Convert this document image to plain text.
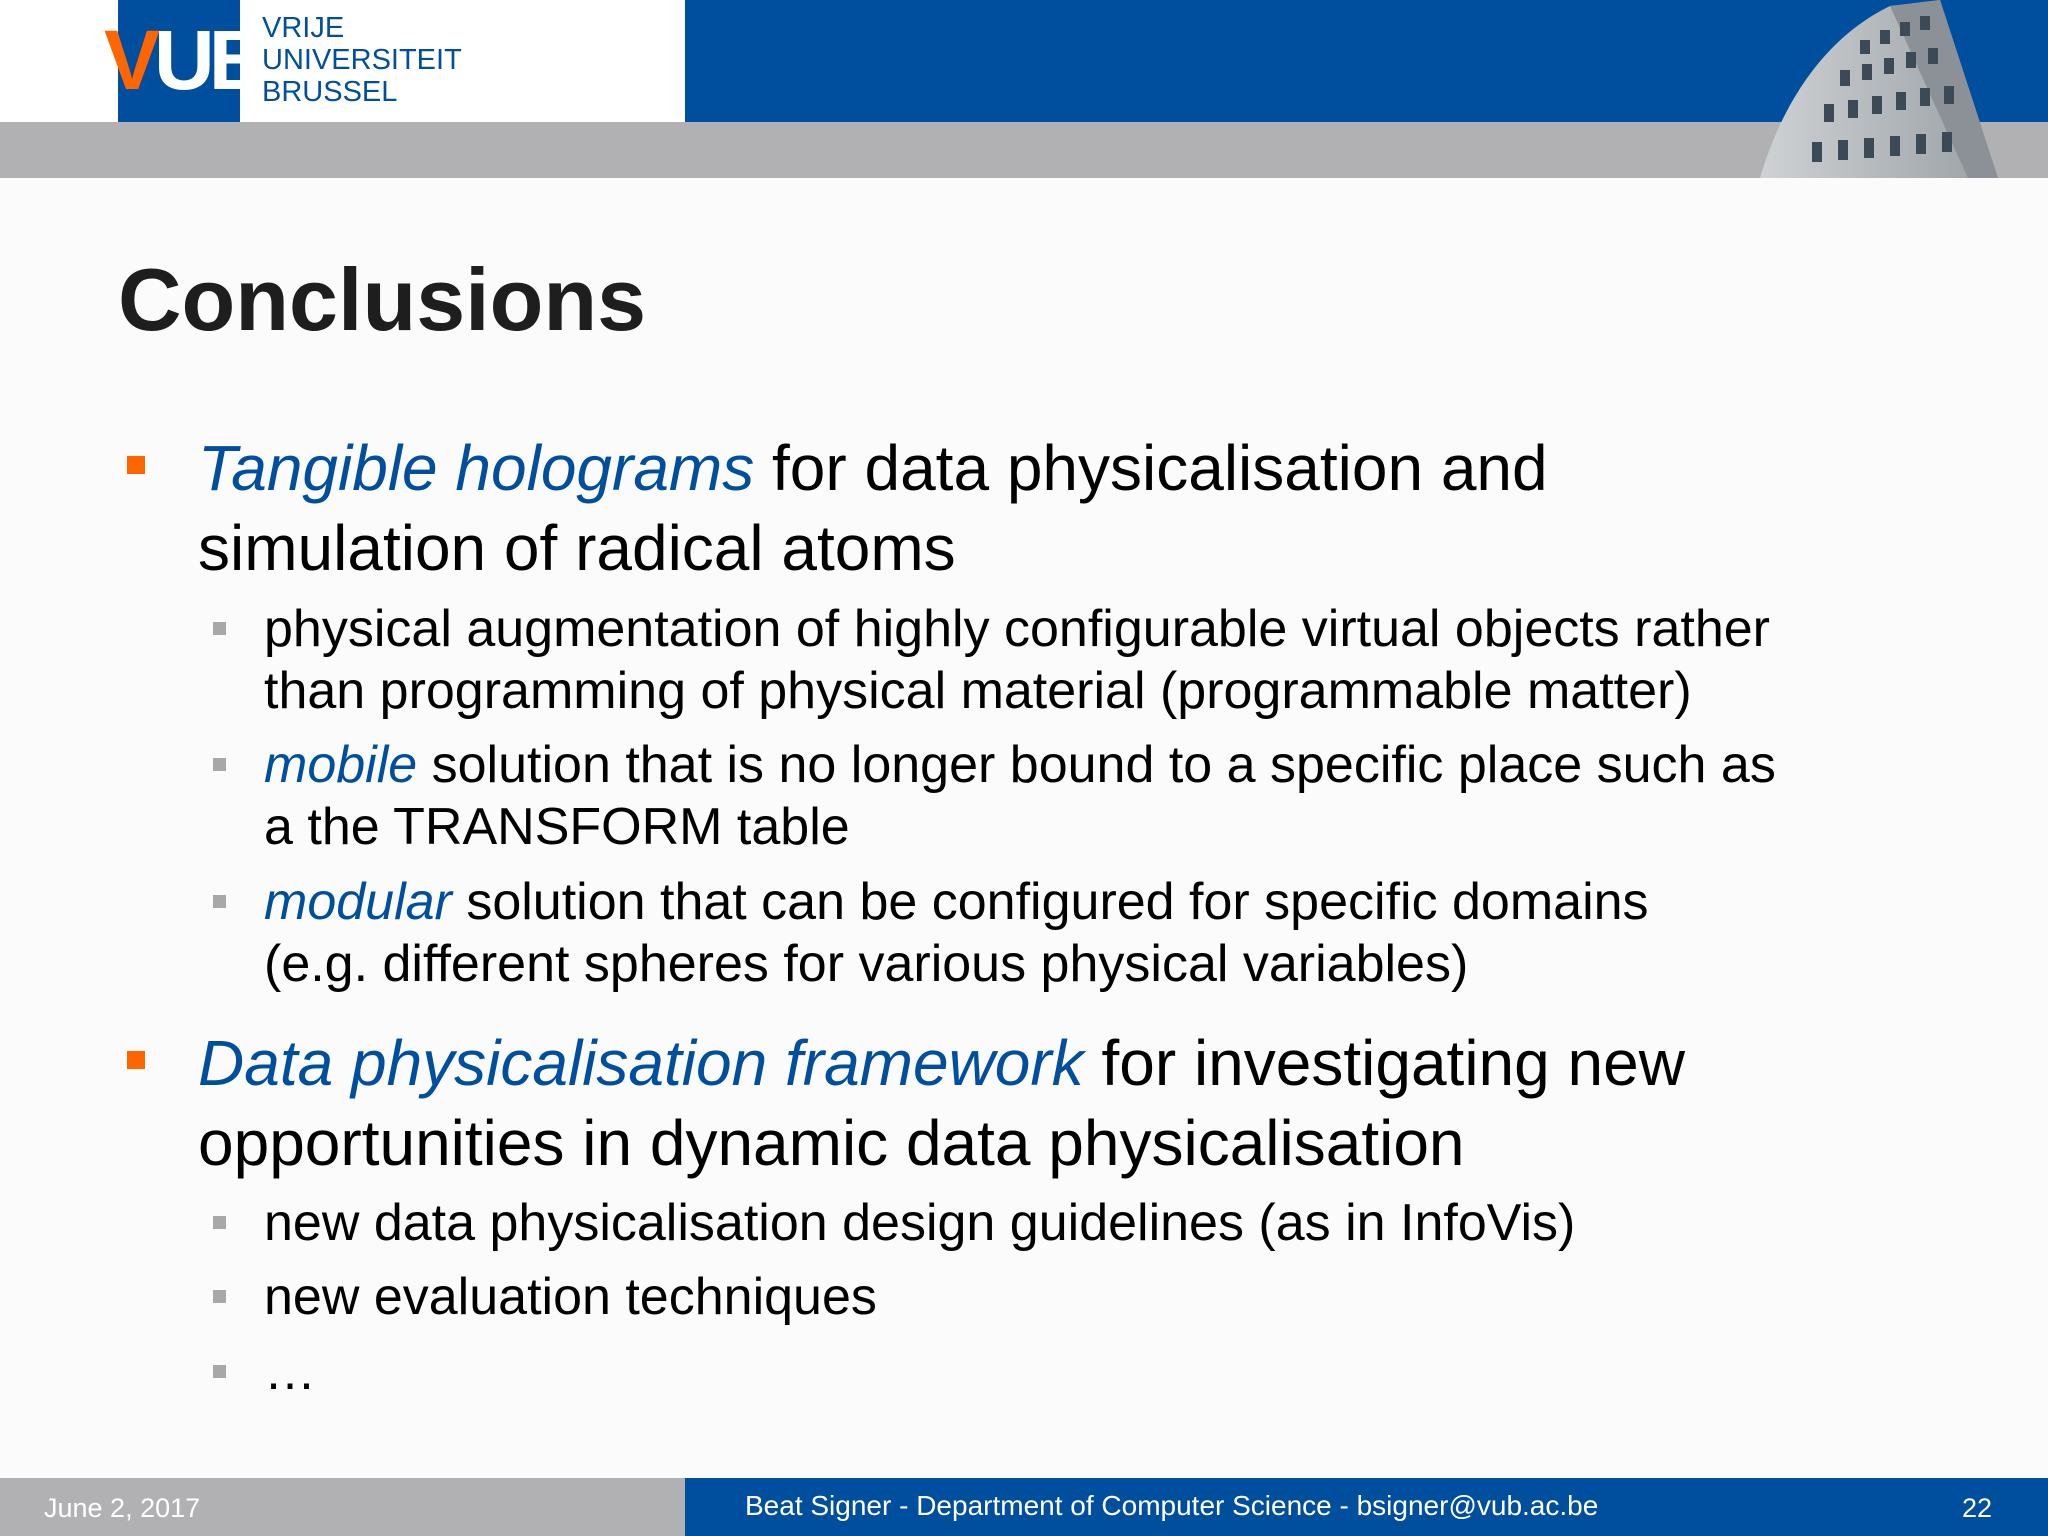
VUB
VRIJE
UNIVERSITEIT
BRUSSEL
Conclusions
Tangible holograms for data physicalisation and
simulation of radical atoms
physical augmentation of highly configurable virtual objects rather
than programming of physical material (programmable matter)
mobile solution that is no longer bound to a specific place such as
a the TRANSFORM table
modular solution that can be configured for specific domains
(e.g. different spheres for various physical variables)
Data physicalisation framework for investigating new
opportunities in dynamic data physicalisation
new data physicalisation design guidelines (as in InfoVis)
new evaluation techniques
…
June 2, 2017	Beat Signer - Department of Computer Science - bsigner@vub.ac.be	22
